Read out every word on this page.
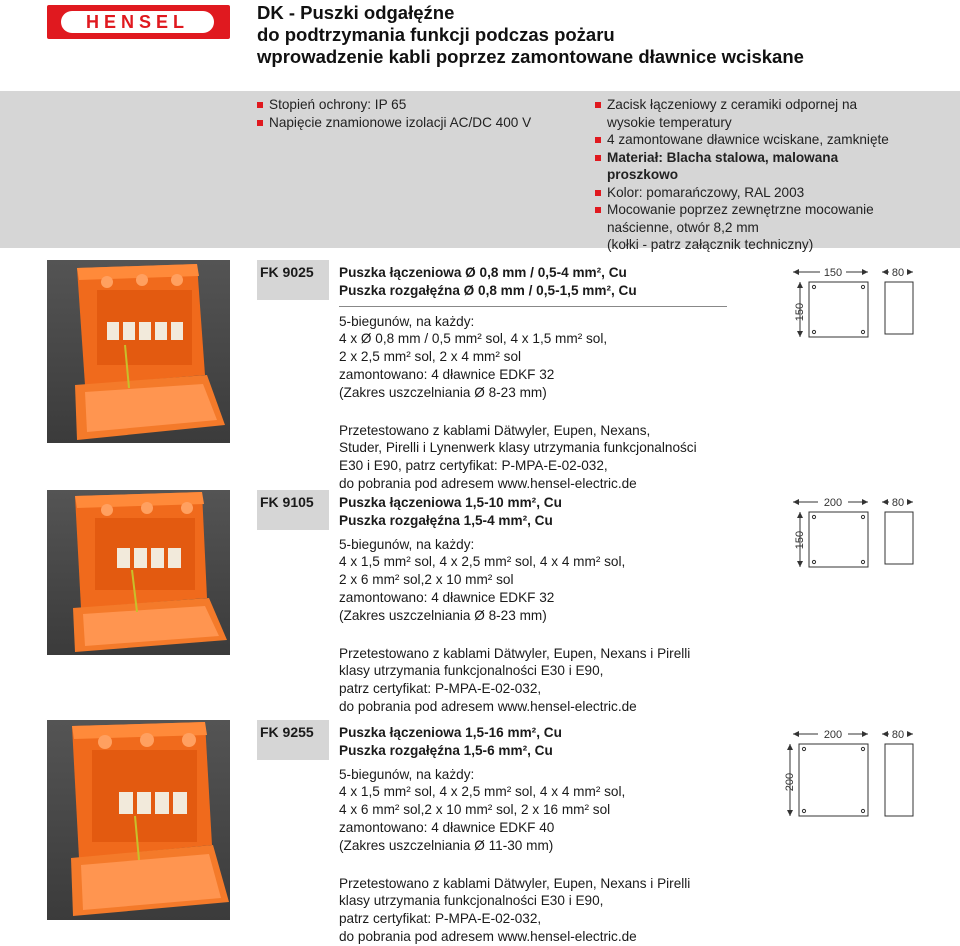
HENSEL	DK - Puszki odgałęźne
do podtrzymania funkcji podczas pożaru
wprowadzenie kabli poprzez zamontowane dławnice wciskane
Stopień ochrony: IP 65
Napięcie znamionowe izolacji AC/DC 400 V
Zacisk łączeniowy z ceramiki odpornej na
wysokie temperatury
4 zamontowane dławnice wciskane, zamknięte
Materiał: Blacha stalowa, malowana
proszkowo
Kolor: pomarańczowy, RAL 2003
Mocowanie poprzez zewnętrzne mocowanie
naścienne, otwór 8,2 mm
(kołki - patrz załącznik techniczny)
FK 9025	Puszka łączeniowa Ø 0,8 mm / 0,5-4 mm², Cu
Puszka rozgałęźna Ø 0,8 mm / 0,5-1,5 mm², Cu
5-biegunów, na każdy:
4 x Ø 0,8 mm / 0,5 mm² sol, 4 x 1,5 mm² sol,
2 x 2,5 mm² sol, 2 x 4 mm² sol
zamontowano: 4 dławnice EDKF 32
(Zakres uszczelniania Ø 8-23 mm)
Przetestowano z kablami Dätwyler, Eupen, Nexans,
Studer, Pirelli i Lynenwerk klasy utrzymania funkcjonalności
E30 i E90, patrz certyfikat: P-MPA-E-02-032,
do pobrania pod adresem www.hensel-electric.de
150
150
80
FK 9105	Puszka łączeniowa 1,5-10 mm², Cu
Puszka rozgałęźna 1,5-4 mm², Cu
5-biegunów, na każdy:
4 x 1,5 mm² sol, 4 x 2,5 mm² sol, 4 x 4 mm² sol,
2 x 6 mm² sol,2 x 10 mm² sol
zamontowano: 4 dławnice EDKF 32
(Zakres uszczelniania Ø 8-23 mm)
Przetestowano z kablami Dätwyler, Eupen, Nexans i Pirelli
klasy utrzymania funkcjonalności E30 i E90,
patrz certyfikat: P-MPA-E-02-032,
do pobrania pod adresem www.hensel-electric.de
200
150
80
FK 9255	Puszka łączeniowa 1,5-16 mm², Cu
Puszka rozgałęźna 1,5-6 mm², Cu
5-biegunów, na każdy:
4 x 1,5 mm² sol, 4 x 2,5 mm² sol, 4 x 4 mm² sol,
4 x 6 mm² sol,2 x 10 mm² sol, 2 x 16 mm² sol
zamontowano: 4 dławnice EDKF 40
(Zakres uszczelniania Ø 11-30 mm)
Przetestowano z kablami Dätwyler, Eupen, Nexans i Pirelli
klasy utrzymania funkcjonalności E30 i E90,
patrz certyfikat: P-MPA-E-02-032,
do pobrania pod adresem www.hensel-electric.de
200
200
80
